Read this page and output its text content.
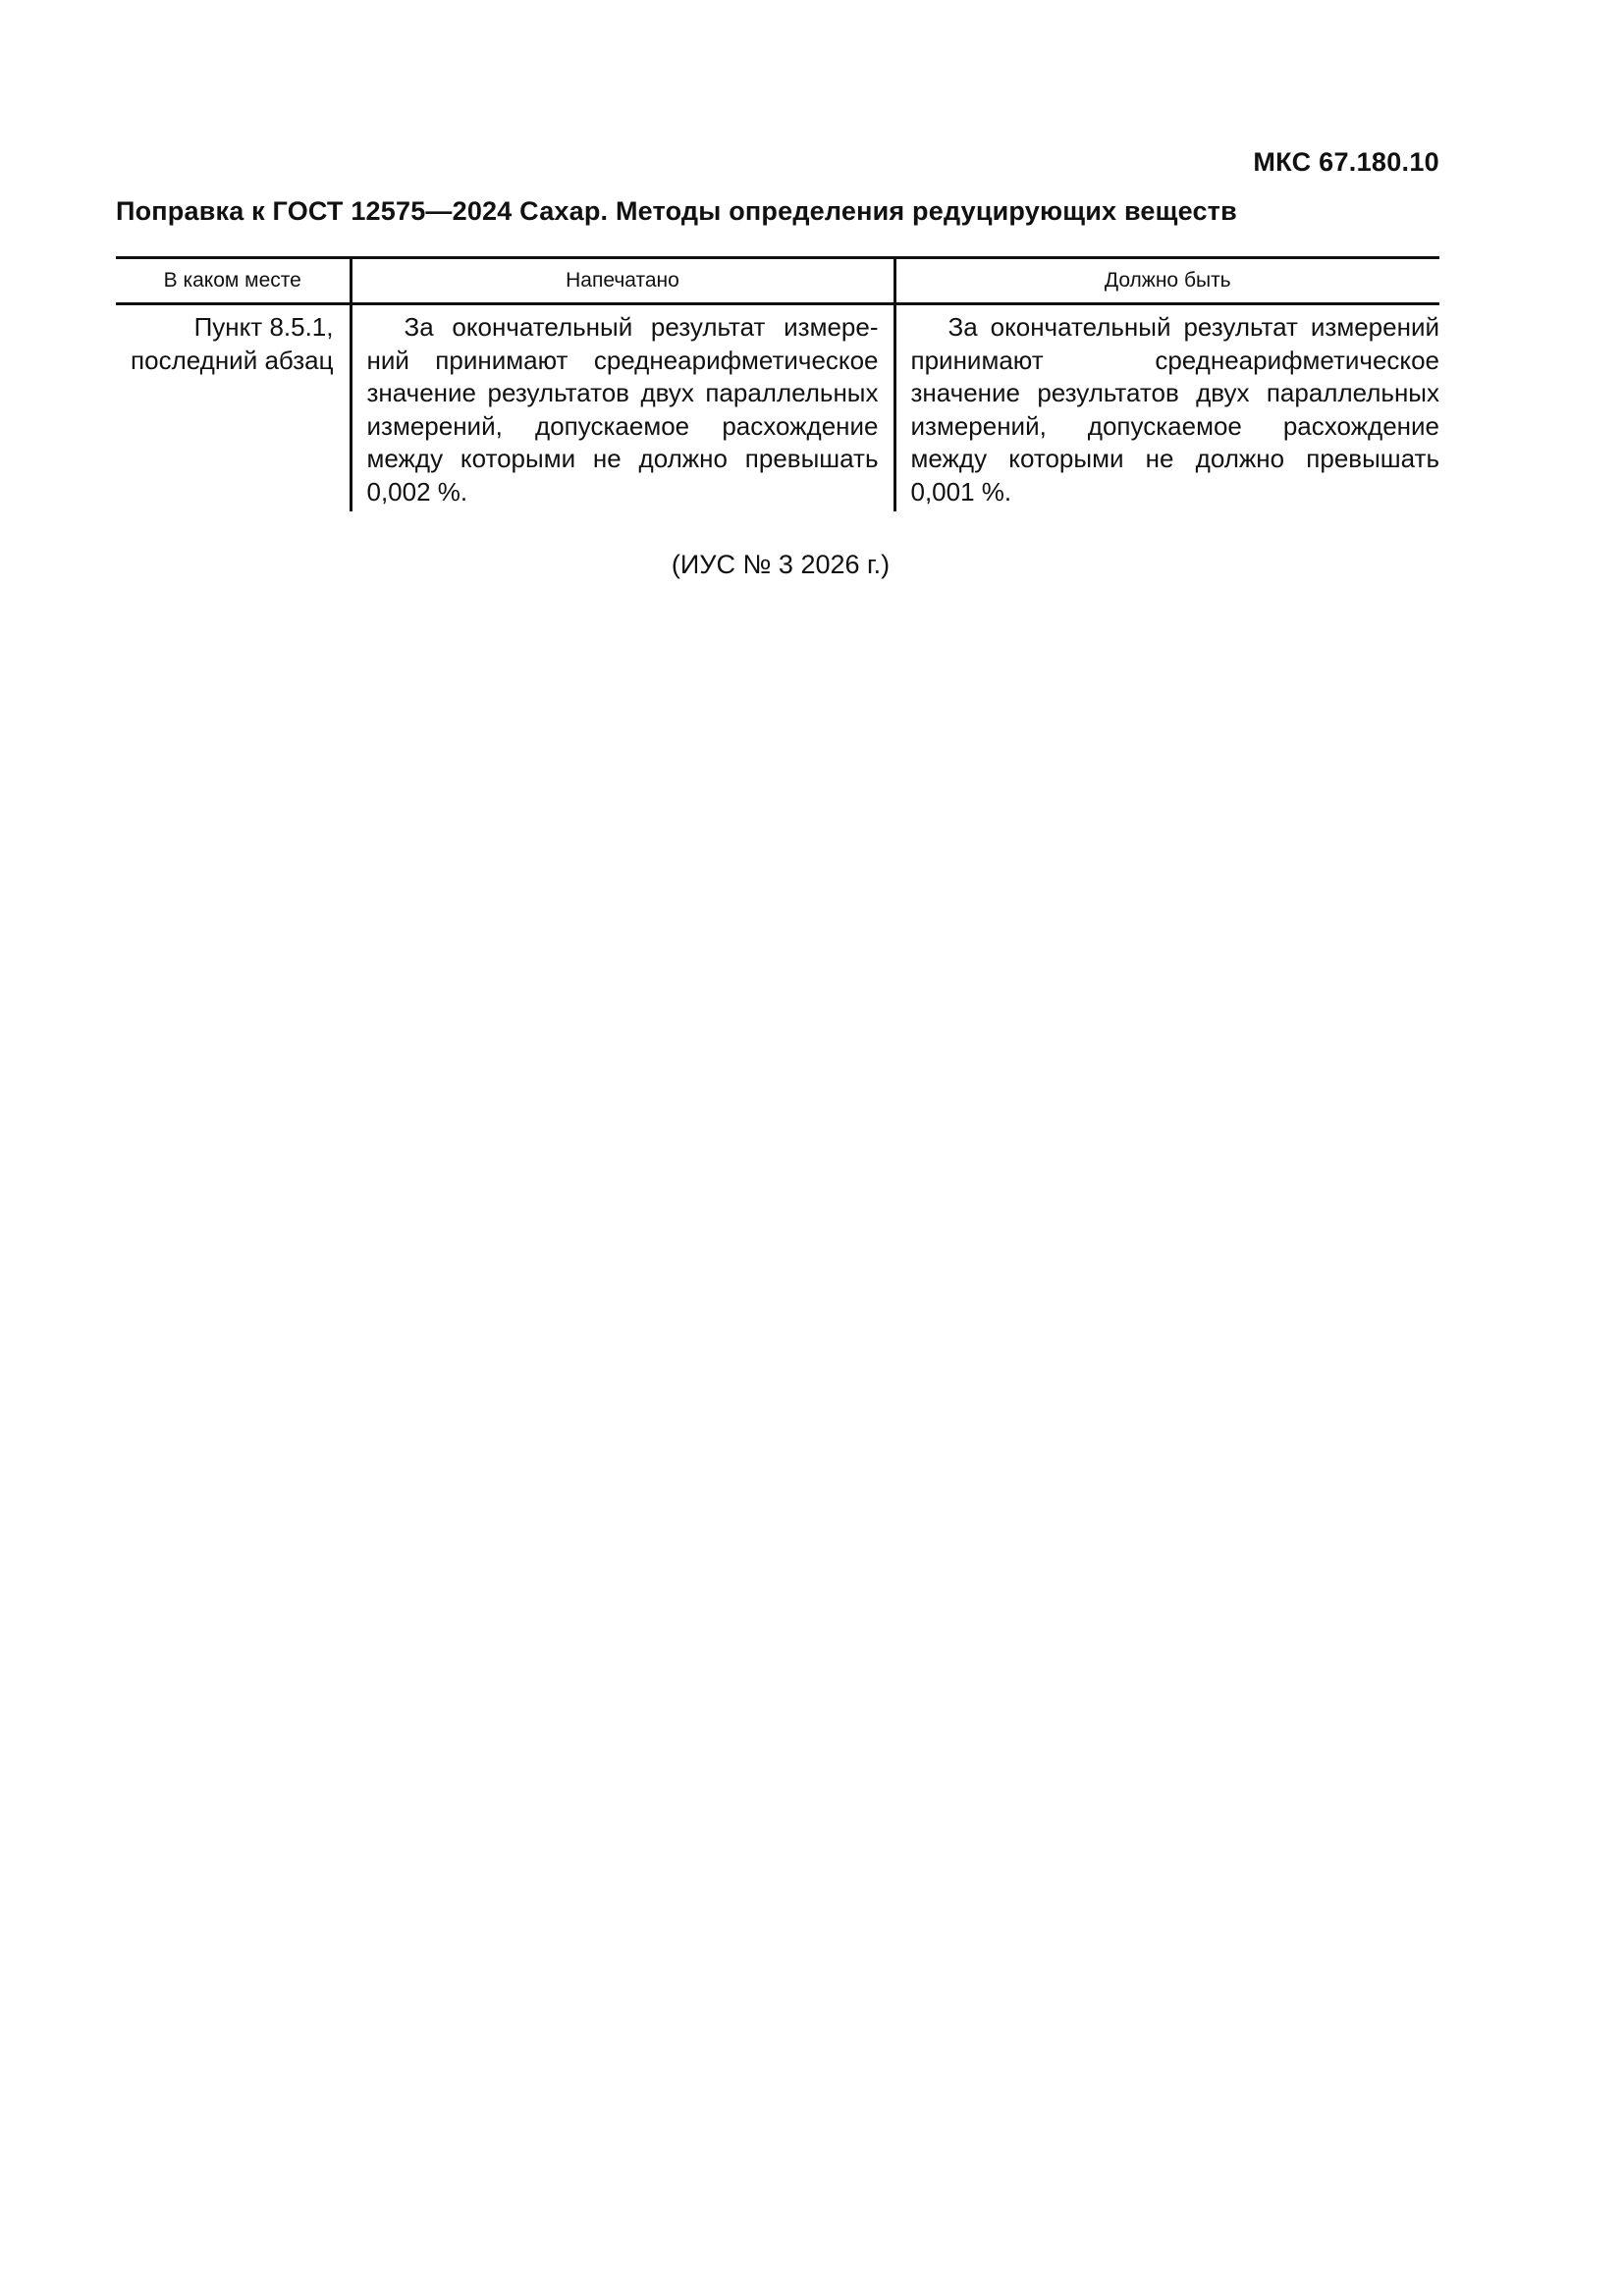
МКС 67.180.10
Поправка к ГОСТ 12575—2024 Сахар. Методы определения редуцирующих веществ
В каком месте	Напечатано	Должно быть

Пункт 8.5.1,
последний абзац	За окончательный результат измерений принимают среднеарифметическое значение результатов двух параллельных измерений, допускаемое расхождение между которыми не должно превышать 0,002 %.	За окончательный результат измерений принимают среднеарифметическое значение результатов двух параллельных измерений, допускаемое расхождение между которыми не должно превышать 0,001 %.
(ИУС № 3 2026 г.)
